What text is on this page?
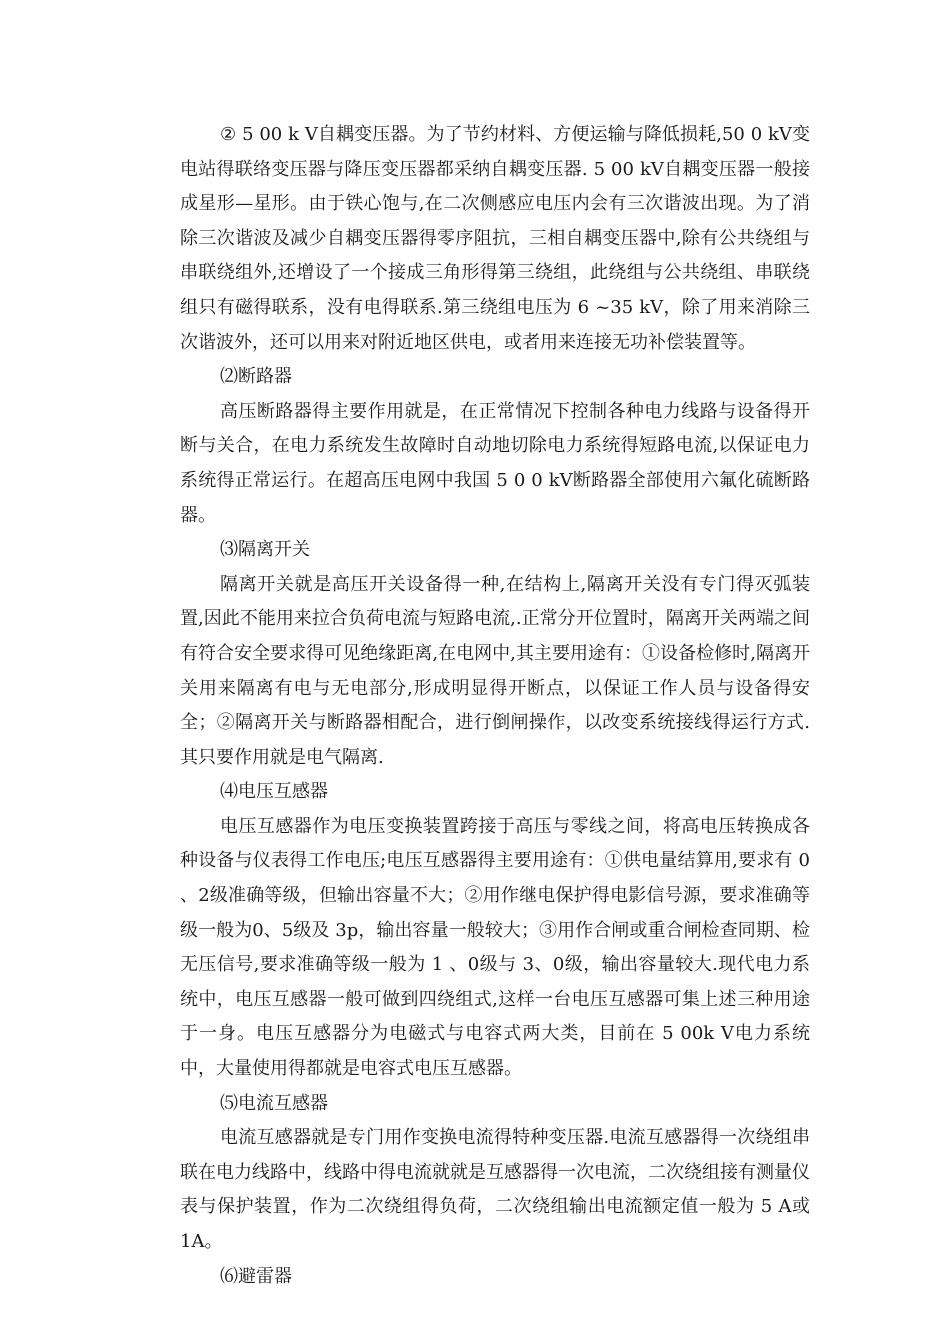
② 5 00 k V自耦变压器。为了节约材料、方便运输与降低损耗,50 0 kV变电站得联络变压器与降压变压器都采纳自耦变压器. 5 00 kV自耦变压器一般接成星形—星形。由于铁心饱与,在二次侧感应电压内会有三次谐波出现。为了消除三次谐波及减少自耦变压器得零序阻抗，三相自耦变压器中,除有公共绕组与串联绕组外,还增设了一个接成三角形得第三绕组，此绕组与公共绕组、串联绕组只有磁得联系，没有电得联系.第三绕组电压为 6 ~35 kV，除了用来消除三次谐波外，还可以用来对附近地区供电，或者用来连接无功补偿装置等。

⑵断路器

高压断路器得主要作用就是，在正常情况下控制各种电力线路与设备得开断与关合，在电力系统发生故障时自动地切除电力系统得短路电流,以保证电力系统得正常运行。在超高压电网中我国 5 0 0 kV断路器全部使用六氟化硫断路器。

⑶隔离开关

隔离开关就是高压开关设备得一种,在结构上,隔离开关没有专门得灭弧装置,因此不能用来拉合负荷电流与短路电流,.正常分开位置时，隔离开关两端之间有符合安全要求得可见绝缘距离,在电网中,其主要用途有：①设备检修时,隔离开关用来隔离有电与无电部分,形成明显得开断点，以保证工作人员与设备得安全；②隔离开关与断路器相配合，进行倒闸操作，以改变系统接线得运行方式.其只要作用就是电气隔离.

⑷电压互感器

电压互感器作为电压变换装置跨接于高压与零线之间，将高电压转换成各种设备与仪表得工作电压;电压互感器得主要用途有：①供电量结算用,要求有 0 、2级准确等级，但输出容量不大；②用作继电保护得电影信号源，要求准确等级一般为0、5级及 3p，输出容量一般较大；③用作合闸或重合闸检查同期、检无压信号,要求准确等级一般为 1 、0级与 3、0级，输出容量较大.现代电力系统中，电压互感器一般可做到四绕组式,这样一台电压互感器可集上述三种用途于一身。电压互感器分为电磁式与电容式两大类，目前在 5 00k V电力系统中，大量使用得都就是电容式电压互感器。

⑸电流互感器

电流互感器就是专门用作变换电流得特种变压器.电流互感器得一次绕组串联在电力线路中，线路中得电流就就是互感器得一次电流，二次绕组接有测量仪表与保护装置，作为二次绕组得负荷，二次绕组输出电流额定值一般为 5 A或 1A。

⑹避雷器
